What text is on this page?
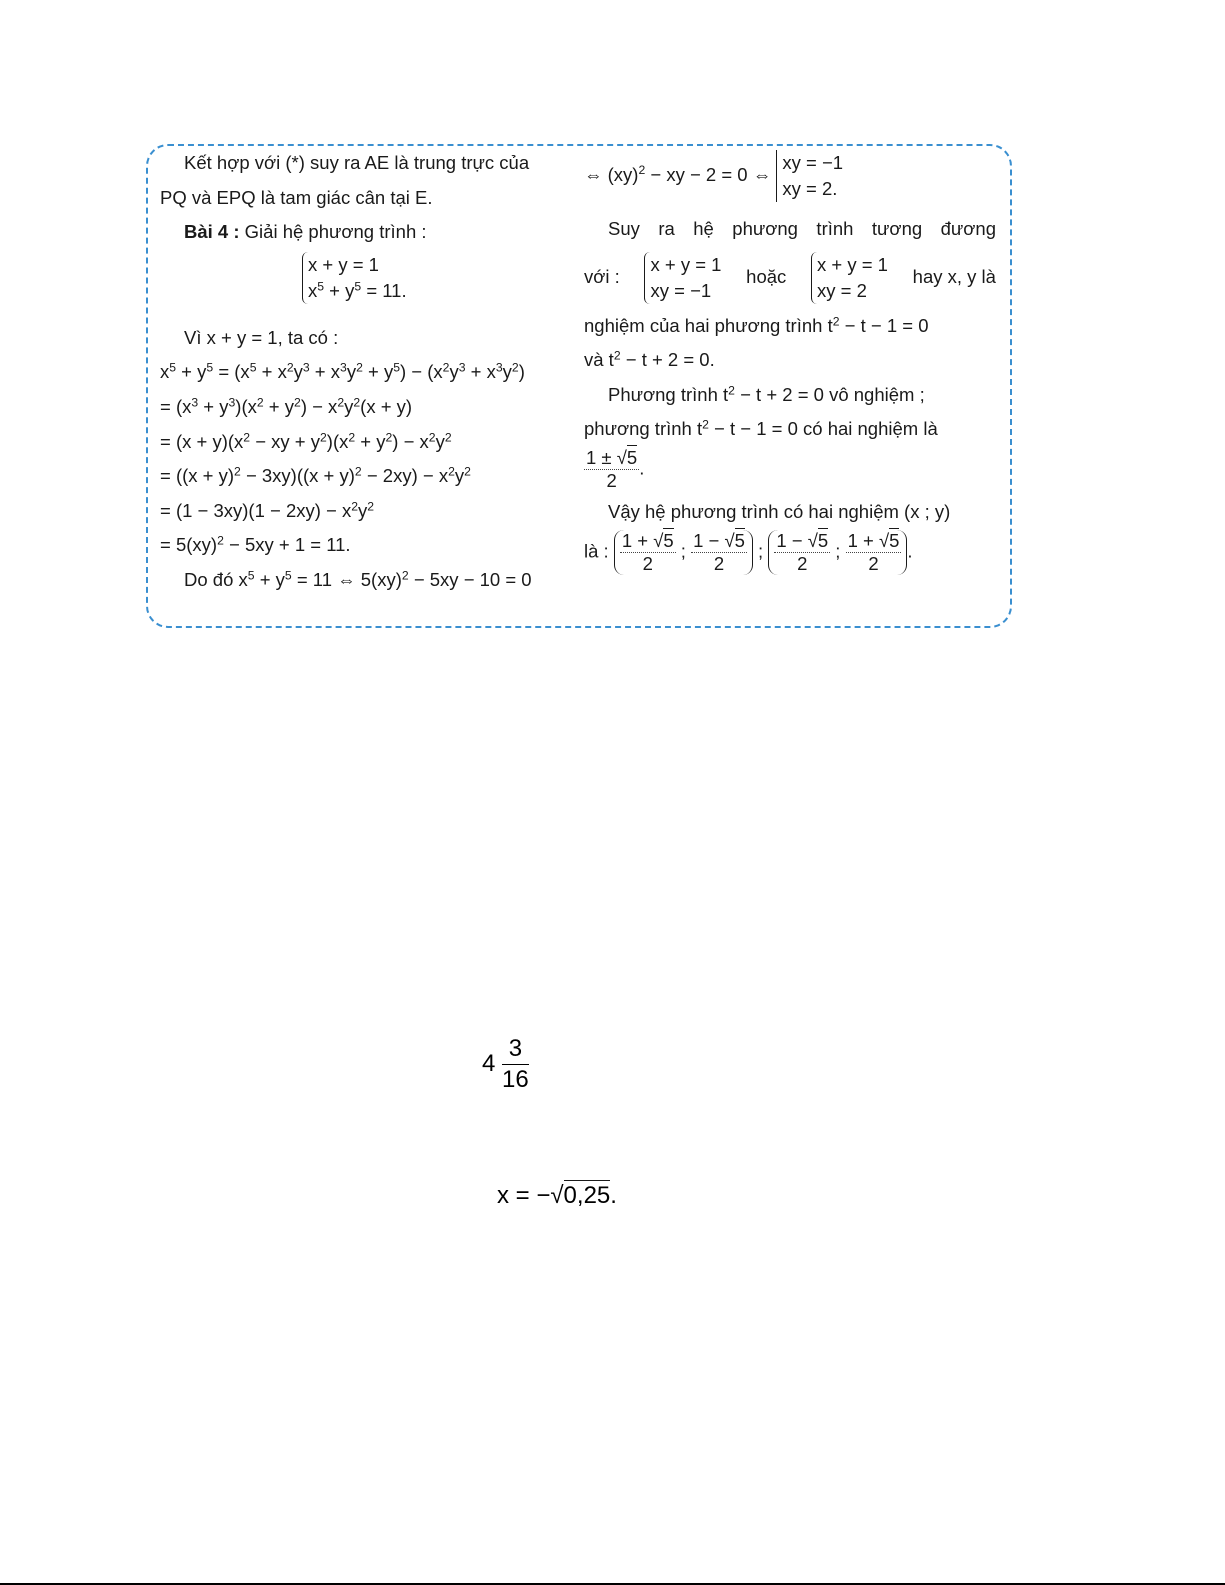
Kết hợp với (*) suy ra AE là trung trực của
PQ và EPQ là tam giác cân tại E.
Bài 4 : Giải hệ phương trình :
x + y = 1
$x^5 + y^5 = 11$.
Vì x + y = 1, ta có :
$x^5 + y^5 = (x^5 + x^2y^3 + x^3y^2 + y^5) - (x^2y^3 + x^3y^2)$
= $(x^3 + y^3)(x^2 + y^2) - x^2y^2(x + y)$
= $(x + y)(x^2$ − xy + $y^2)(x^2 + y^2) - x^2y^2$
= $((x + y)^2 - 3xy)((x + y)^2 - 2xy) - x^2y^2$
= $(1 - 3xy)(1 - 2xy) - x^2y^2$
= 5(xy)$^2$ − 5xy + 1 = 11.
Do đó $x^5 + y^5 = 11$ ⇔ 5(xy)$^2$ − 5xy − 10 = 0
⇔ (xy)$^2$ − xy − 2 = 0 ⇔
xy = −1
xy = 2.
Suy ra hệ phương trình tương đương
với :
x + y = 1
xy = −1
hoặc
x + y = 1
xy = 2
hay x, y là
nghiệm của hai phương trình $t^2 - t - 1 = 0$
và $t^2 - t + 2 = 0$.
Phương trình $t^2 - t + 2 = 0$ vô nghiệm ;
phương trình $t^2 - t - 1 = 0$ có hai nghiệm là
$\frac{1 \pm √5}{2}$ .
Vậy hệ phương trình có hai nghiệm (x ; y)
là : $\frac{1 + √5}{2}$ ; $\frac{1 - √5}{2}$ ; $\frac{1 - √5}{2}$ ; $\frac{1 + √5}{2}$ .
$4 \frac{3}{16}$
x = −√0,25.
